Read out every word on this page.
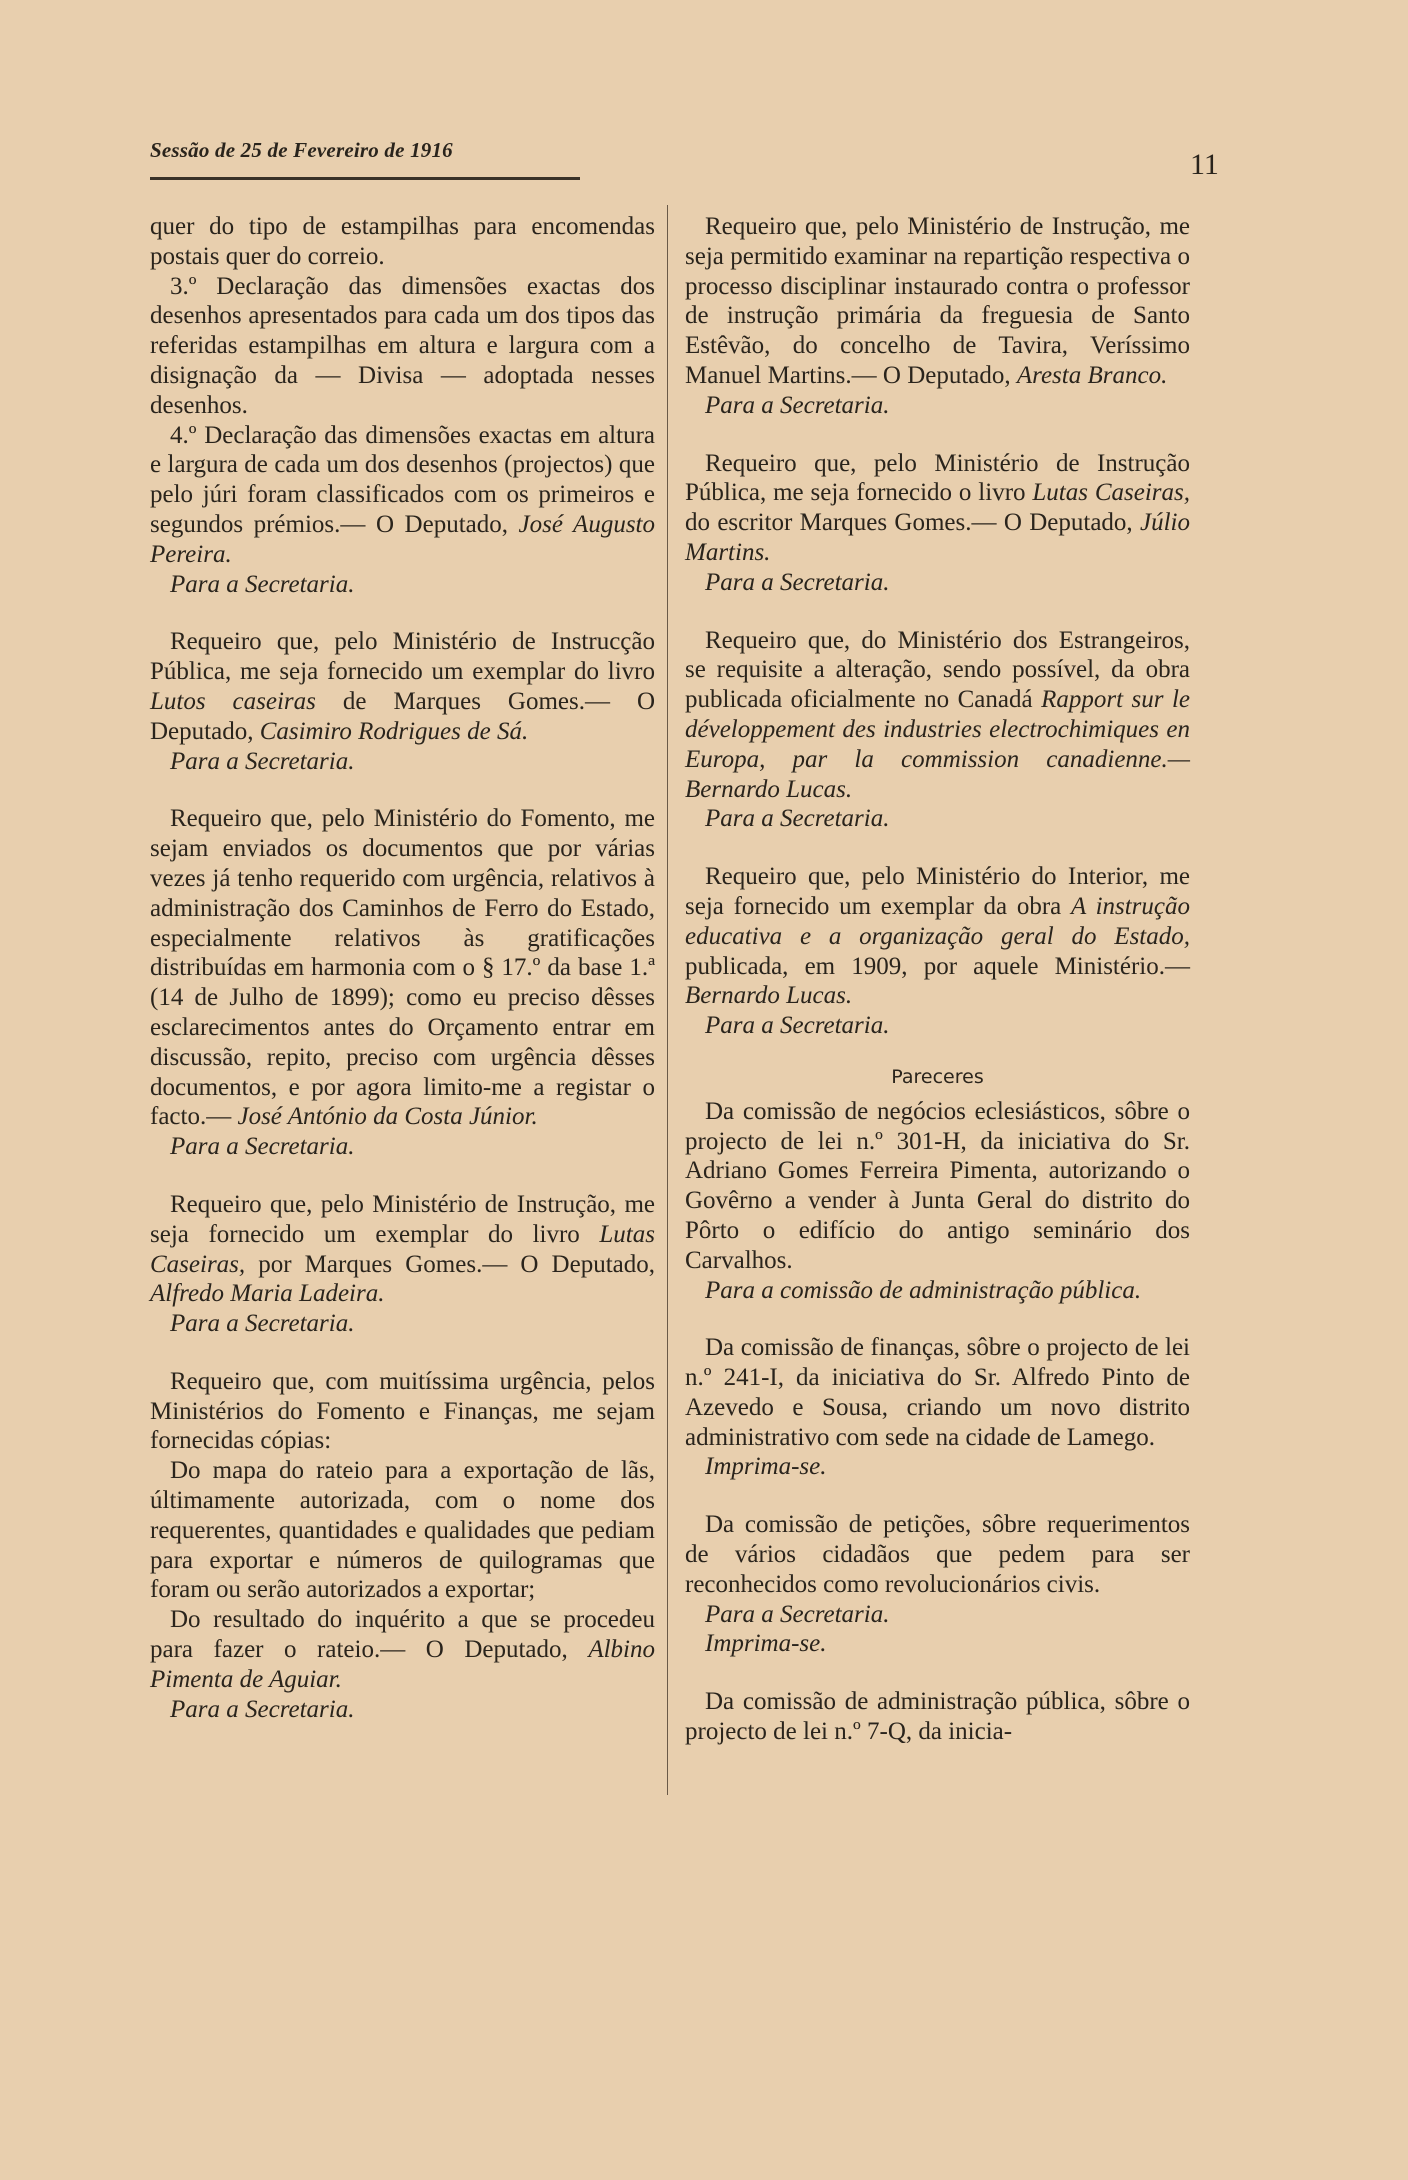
Sessão de 25 de Fevereiro de 1916	11

quer do tipo de estampilhas para encomendas postais quer do correio.

3.º Declaração das dimensões exactas dos desenhos apresentados para cada um dos tipos das referidas estampilhas em altura e largura com a disignação da — Divisa — adoptada nesses desenhos.

4.º Declaração das dimensões exactas em altura e largura de cada um dos desenhos (projectos) que pelo júri foram classificados com os primeiros e segundos prémios.— O Deputado, José Augusto Pereira.

Para a Secretaria.

Requeiro que, pelo Ministério de Instrucção Pública, me seja fornecido um exemplar do livro Lutos caseiras de Marques Gomes.— O Deputado, Casimiro Rodrigues de Sá.

Para a Secretaria.

Requeiro que, pelo Ministério do Fomento, me sejam enviados os documentos que por várias vezes já tenho requerido com urgência, relativos à administração dos Caminhos de Ferro do Estado, especialmente relativos às gratificações distribuídas em harmonia com o § 17.º da base 1.ª (14 de Julho de 1899); como eu preciso dêsses esclarecimentos antes do Orçamento entrar em discussão, repito, preciso com urgência dêsses documentos, e por agora limito-me a registar o facto.— José António da Costa Júnior.

Para a Secretaria.

Requeiro que, pelo Ministério de Instrução, me seja fornecido um exemplar do livro Lutas Caseiras, por Marques Gomes.— O Deputado, Alfredo Maria Ladeira.

Para a Secretaria.

Requeiro que, com muitíssima urgência, pelos Ministérios do Fomento e Finanças, me sejam fornecidas cópias:

Do mapa do rateio para a exportação de lãs, últimamente autorizada, com o nome dos requerentes, quantidades e qualidades que pediam para exportar e números de quilogramas que foram ou serão autorizados a exportar;

Do resultado do inquérito a que se procedeu para fazer o rateio.— O Deputado, Albino Pimenta de Aguiar.

Para a Secretaria.

Requeiro que, pelo Ministério de Instrução, me seja permitido examinar na repartição respectiva o processo disciplinar instaurado contra o professor de instrução primária da freguesia de Santo Estêvão, do concelho de Tavira, Veríssimo Manuel Martins.— O Deputado, Aresta Branco.

Para a Secretaria.

Requeiro que, pelo Ministério de Instrução Pública, me seja fornecido o livro Lutas Caseiras, do escritor Marques Gomes.— O Deputado, Júlio Martins.

Para a Secretaria.

Requeiro que, do Ministério dos Estrangeiros, se requisite a alteração, sendo possível, da obra publicada oficialmente no Canadá Rapport sur le développement des industries electrochimiques en Europa, par la commission canadienne.— Bernardo Lucas.

Para a Secretaria.

Requeiro que, pelo Ministério do Interior, me seja fornecido um exemplar da obra A instrução educativa e a organização geral do Estado, publicada, em 1909, por aquele Ministério.— Bernardo Lucas.

Para a Secretaria.

Pareceres

Da comissão de negócios eclesiásticos, sôbre o projecto de lei n.º 301-H, da iniciativa do Sr. Adriano Gomes Ferreira Pimenta, autorizando o Govêrno a vender à Junta Geral do distrito do Pôrto o edifício do antigo seminário dos Carvalhos.

Para a comissão de administração pública.

Da comissão de finanças, sôbre o projecto de lei n.º 241-I, da iniciativa do Sr. Alfredo Pinto de Azevedo e Sousa, criando um novo distrito administrativo com sede na cidade de Lamego.

Imprima-se.

Da comissão de petições, sôbre requerimentos de vários cidadãos que pedem para ser reconhecidos como revolucionários civis.

Para a Secretaria.

Imprima-se.

Da comissão de administração pública, sôbre o projecto de lei n.º 7-Q, da inicia-
